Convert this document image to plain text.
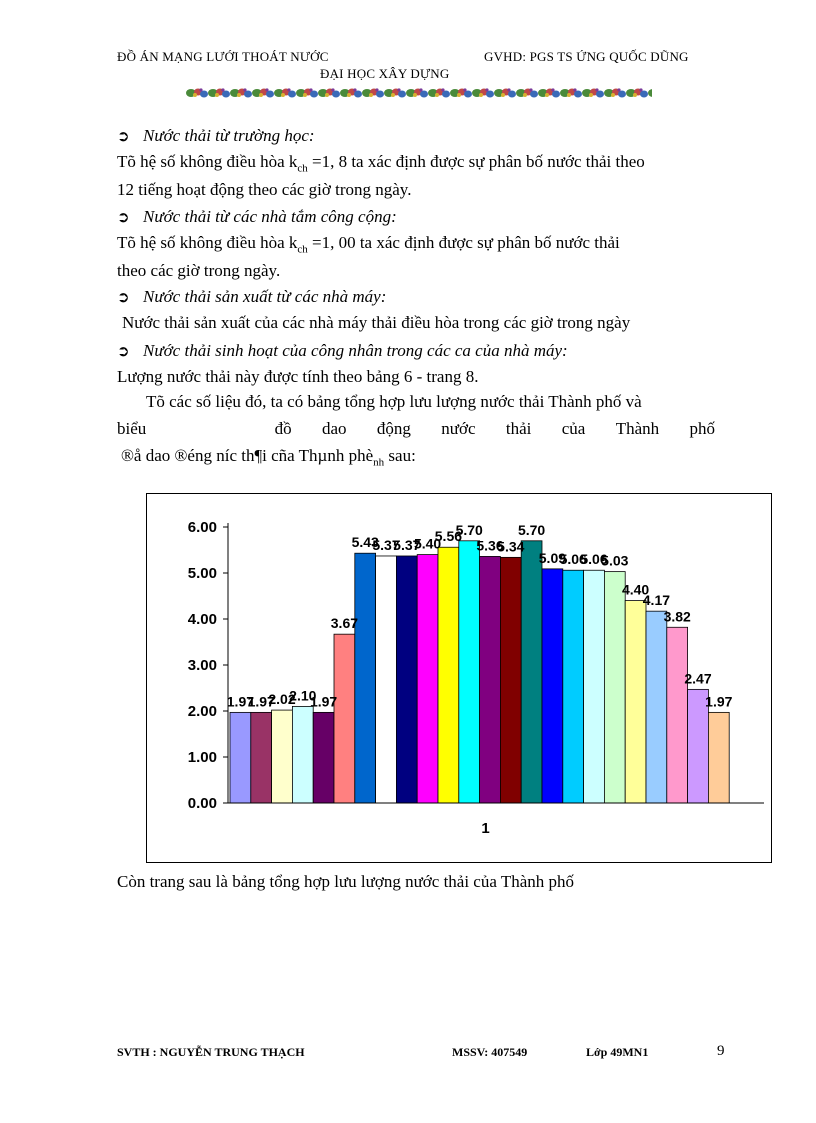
ĐỒ ÁN MẠNG LƯỚI THOÁT NƯỚC	GVHD: PGS TS ỨNG QUỐC DŨNG
ĐẠI HỌC XÂY DỰNG
➲ Nước thải từ trường học:
Tõ hệ số không điều hòa $k_{ch} =1$, 8 ta xác định được sự phân bố nước thải theo
12 tiếng hoạt động theo các giờ trong ngày.
➲ Nước thải từ các nhà tắm công cộng:
Tõ hệ số không điều hòa $k_{ch} =1$, 00 ta xác định được sự phân bố nước thải
theo các giờ trong ngày.
➲ Nước thải sản xuất từ các nhà máy:
Nước thải sản xuất của các nhà máy thải điều hòa trong các giờ trong ngày
➲ Nước thải sinh hoạt của công nhân trong các ca của nhà máy:
Lượng nước thải này được tính theo bảng 6 - trang 8.
Tõ các số liệu đó, ta có bảng tổng hợp lưu lượng nước thải Thành phố và
biểu	đồ dao động nước thải của Thành phố
®å dao ®éng níc th¶i cña Thµnh phè$_{nh}$ sau:
0.00
1.00
2.00
3.00
4.00
5.00
6.00
1.97
1.97
2.02
2.10
1.97
3.67
5.43
5.37
5.37
5.40
5.56
5.70
5.36
5.34
5.70
5.09
5.06
5.06
5.03
4.40
4.17
3.82
2.47
1.97
1
Còn trang sau là bảng tổng hợp lưu lượng nước thải của Thành phố
SVTH : NGUYỄN TRUNG THẠCH	MSSV: 407549	Lớp 49MN1	9
